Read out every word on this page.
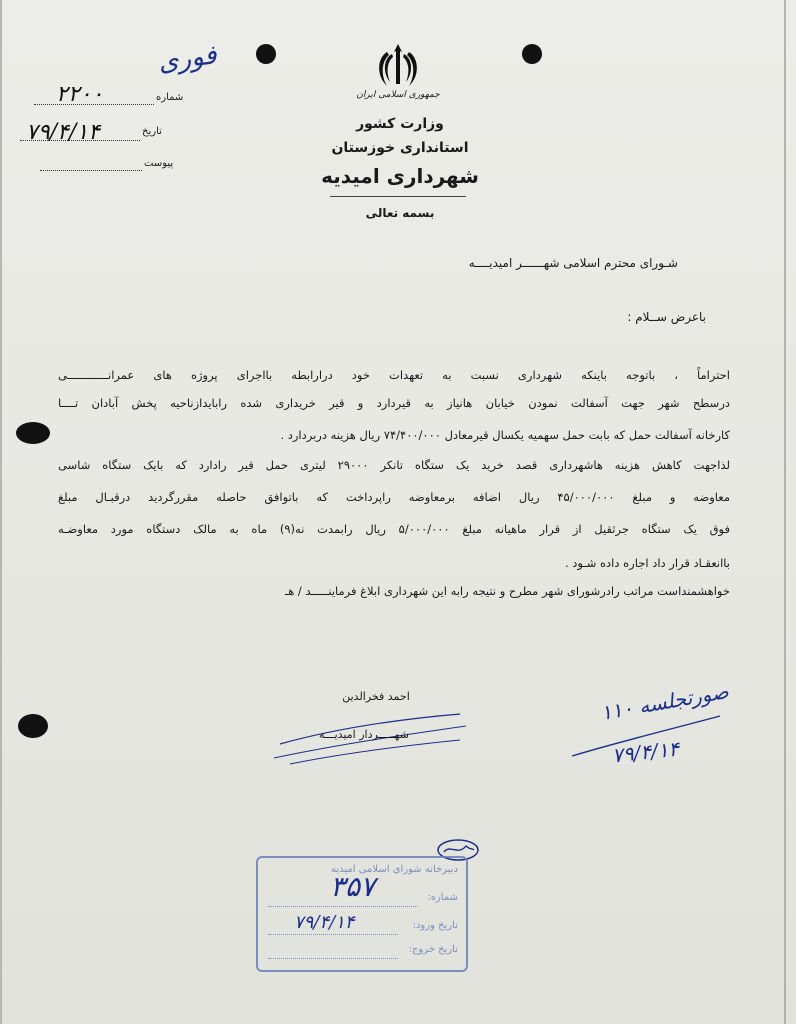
جمهوری اسلامی ایران
وزارت کشور
استانداری خوزستان
شهرداری امیدیه
بسمه تعالی
شماره
تاریخ
پیوست
۲۲۰۰
۷۹/۴/۱۴
فوری
شـورای محترم اسلامی شهــــــر امیدیــــه
باعرض ســلام :
احتراماً ، باتوجه باینکه شهرداری نسبت به تعهدات خود درارابطه بااجرای پروژه های عمرانــــــــــــی
درسطح شهر جهت آسفالت نمودن خیابان هانیاز به قیردارد و قیر خریداری شده رابایدازناحیه پخش آبادان تــــا
کارخانه آسفالت حمل که بابت حمل سهمیه یکسال قیرمعادل ۷۴/۴۰۰/۰۰۰ ریال هزینه دربردارد .
لذاجهت کاهش هزینه هاشهرداری قصد خرید یک ستگاه تانکر ۲۹۰۰۰ لیتری حمل قیر رادارد که بایک ستگاه شاسی
معاوضه و مبلغ ۴۵/۰۰۰/۰۰۰ ریال اضافه برمعاوضه راپرداخت که باتوافق حاصله مقررگردید درقبـال مبلغ
فوق یک ستگاه جرثقیل از قرار ماهیانه مبلغ ۵/۰۰۰/۰۰۰ ریال رابمدت نه(۹) ماه به مالک دستگاه مورد معاوضـه
باانعقـاد قرار داد اجاره داده شـود .
خواهشمنداست مراتب رادرشورای شهر مطرح و نتیجه رابه این شهرداری ابلاغ فرماینـــــد / هـ
احمد فخرالدین
شهـــــردار امیدیـــه
صورتجلسه ۱۱۰
۷۹/۴/۱۴
دبیرخانه شورای اسلامی امیدیه
شماره:
تاریخ ورود:
تاریخ خروج:
۳۵۷
۷۹/۴/۱۴
